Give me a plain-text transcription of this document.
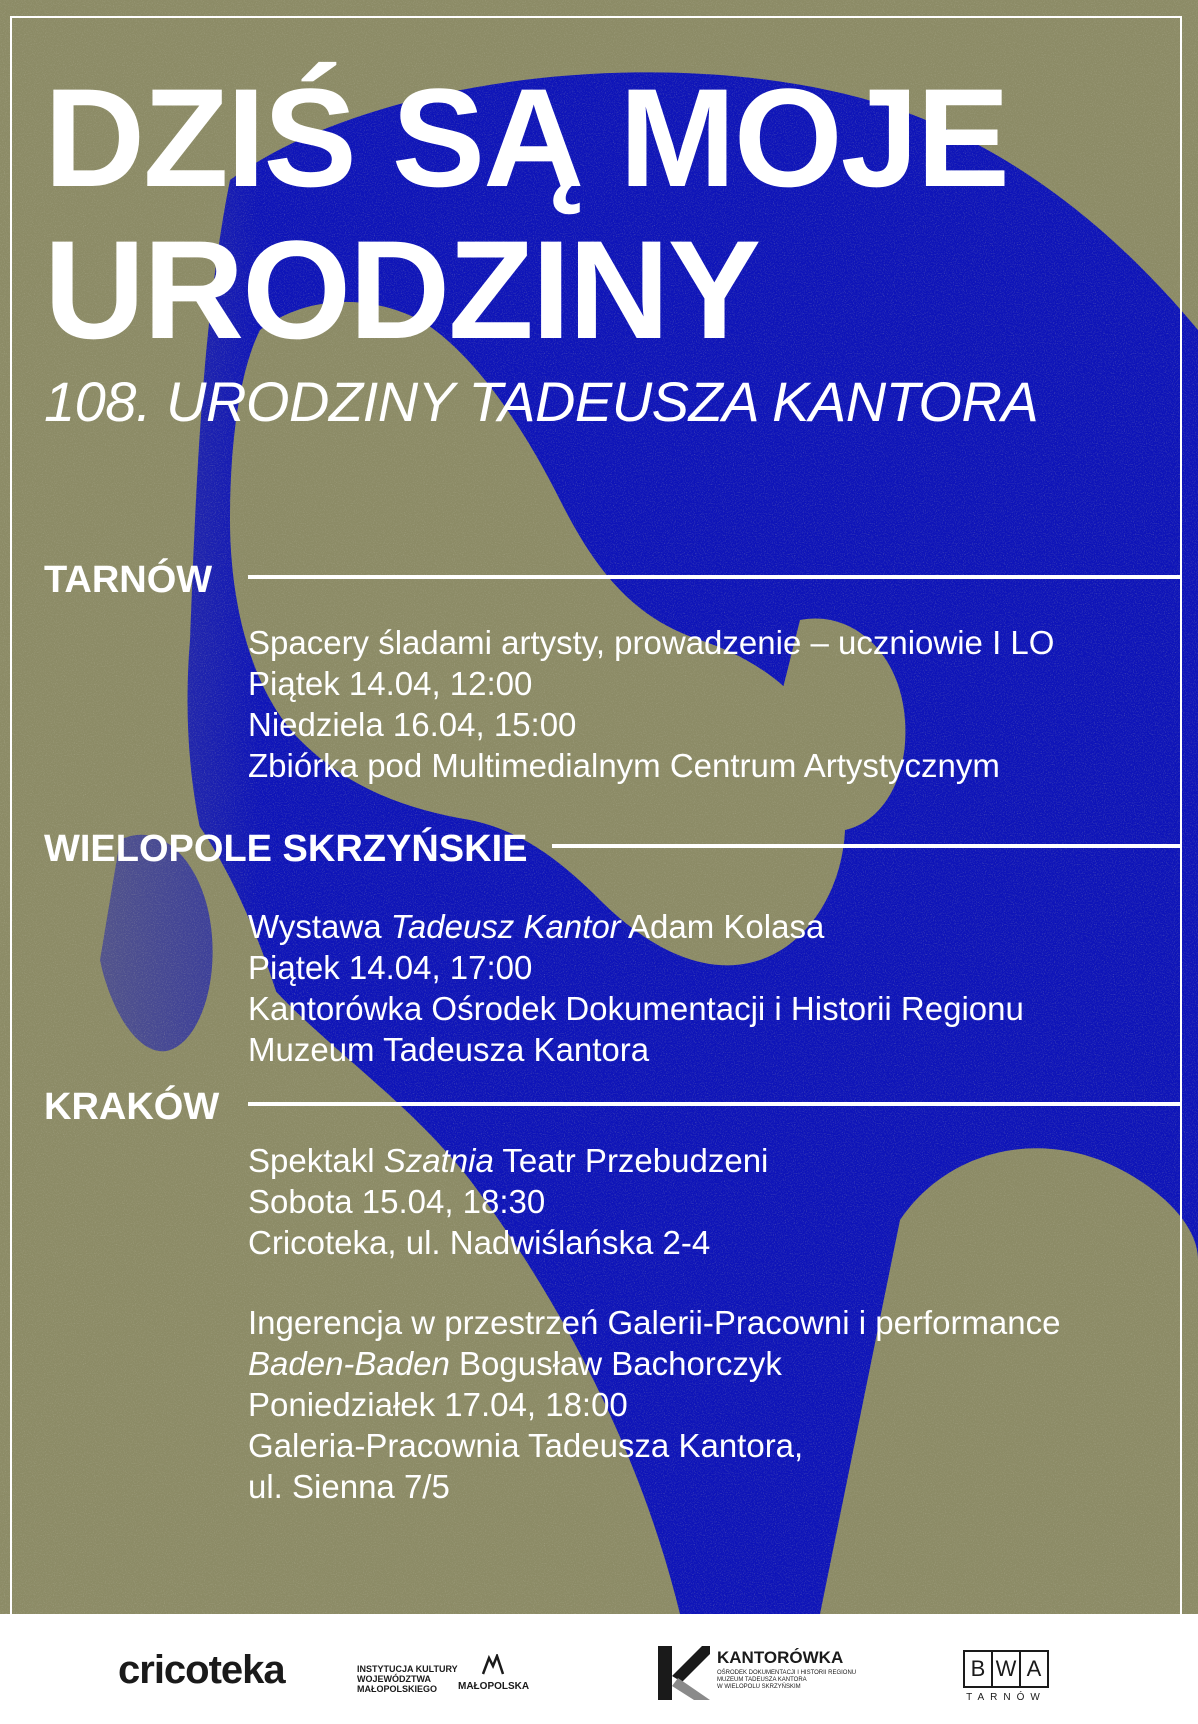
DZIŚ SĄ MOJE
URODZINY
108. URODZINY TADEUSZA KANTORA
TARNÓW
Spacery śladami artysty, prowadzenie – uczniowie I LO
Piątek 14.04, 12:00
Niedziela 16.04, 15:00
Zbiórka pod Multimedialnym Centrum Artystycznym
WIELOPOLE SKRZYŃSKIE
Wystawa Tadeusz Kantor Adam Kolasa
Piątek 14.04, 17:00
Kantorówka Ośrodek Dokumentacji i Historii Regionu
Muzeum Tadeusza Kantora
KRAKÓW
Spektakl Szatnia Teatr Przebudzeni
Sobota 15.04, 18:30
Cricoteka, ul. Nadwiślańska 2-4
Ingerencja w przestrzeń Galerii-Pracowni i performance
Baden-Baden Bogusław Bachorczyk
Poniedziałek 17.04, 18:00
Galeria-Pracownia Tadeusza Kantora,
ul. Sienna 7/5
cricoteka	INSTYTUCJA KULTURY
WOJEWÓDZTWA
MAŁOPOLSKIEGO	MAŁOPOLSKA
KANTORÓWKA
OŚRODEK DOKUMENTACJI I HISTORII REGIONU
MUZEUM TADEUSZA KANTORA
W WIELOPOLU SKRZYŃSKIM
B W A
TARNÓW
